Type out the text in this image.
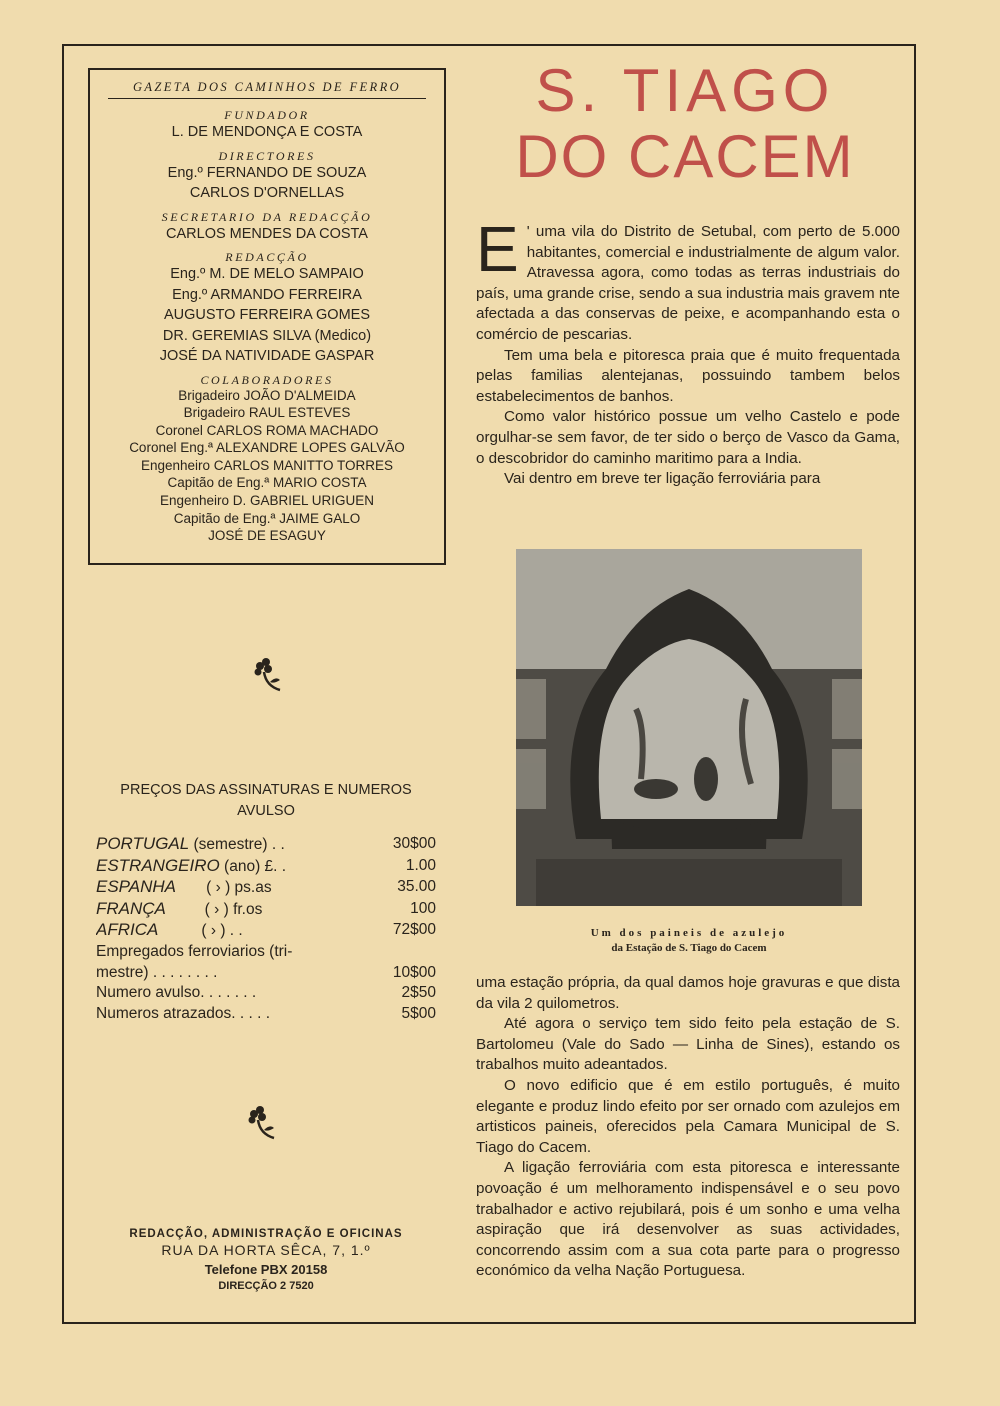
GAZETA DOS CAMINHOS DE FERRO
FUNDADOR
L. DE MENDONÇA E COSTA
DIRECTORES
Eng.º FERNANDO DE SOUZA
CARLOS D'ORNELLAS
SECRETARIO DA REDACÇÃO
CARLOS MENDES DA COSTA
REDACÇÃO
Eng.º M. DE MELO SAMPAIO
Eng.º ARMANDO FERREIRA
AUGUSTO FERREIRA GOMES
DR. GEREMIAS SILVA (Medico)
JOSÉ DA NATIVIDADE GASPAR
COLABORADORES
Brigadeiro JOÃO D'ALMEIDA
Brigadeiro RAUL ESTEVES
Coronel CARLOS ROMA MACHADO
Coronel Eng.ª ALEXANDRE LOPES GALVÃO
Engenheiro CARLOS MANITTO TORRES
Capitão de Eng.ª MARIO COSTA
Engenheiro D. GABRIEL URIGUEN
Capitão de Eng.ª JAIME GALO
JOSÉ DE ESAGUY
PREÇOS DAS ASSINATURAS E NUMEROS AVULSO
PORTUGAL (semestre) . .	30$00
ESTRANGEIRO (ano) £. .	1.00
ESPANHA       ( › ) ps.as	35.00
FRANÇA         ( › ) fr.os	100
AFRICA          ( › ) . .	72$00
Empregados ferroviarios (tri-
mestre) . . . . . . . .	10$00
Numero avulso. . . . . . .	2$50
Numeros atrazados. . . . .	5$00
REDACÇÃO, ADMINISTRAÇÃO E OFICINAS
RUA DA HORTA SÊCA, 7, 1.º
Telefone PBX 20158
DIRECÇÃO 2 7520
S. TIAGO
DO CACEM

E ' uma vila do Distrito de Setubal, com perto de 5.000 habitantes, comercial e industrialmente de algum valor. Atravessa agora, como todas as terras industriais do país, uma grande crise, sendo a sua industria mais gravem nte afectada a das conservas de peixe, e acompanhando esta o comércio de pescarias.

Tem uma bela e pitoresca praia que é muito frequentada pelas familias alentejanas, possuindo tambem belos estabelecimentos de banhos.

Como valor histórico possue um velho Castelo e pode orgulhar-se sem favor, de ter sido o berço de Vasco da Gama, o descobridor do caminho maritimo para a India.

Vai dentro em breve ter ligação ferroviária para

Um dos paineis de azulejo
da Estação de S. Tiago do Cacem

uma estação própria, da qual damos hoje gravuras e que dista da vila 2 quilometros.

Até agora o serviço tem sido feito pela estação de S. Bartolomeu (Vale do Sado — Linha de Sines), estando os trabalhos muito adeantados.

O novo edificio que é em estilo português, é muito elegante e produz lindo efeito por ser ornado com azulejos em artisticos paineis, oferecidos pela Camara Municipal de S. Tiago do Cacem.

A ligação ferroviária com esta pitoresca e interessante povoação é um melhoramento indispensável e o seu povo trabalhador e activo rejubilará, pois é um sonho e uma velha aspiração que irá desenvolver as suas actividades, concorrendo assim com a sua cota parte para o progresso económico da velha Nação Portuguesa.
